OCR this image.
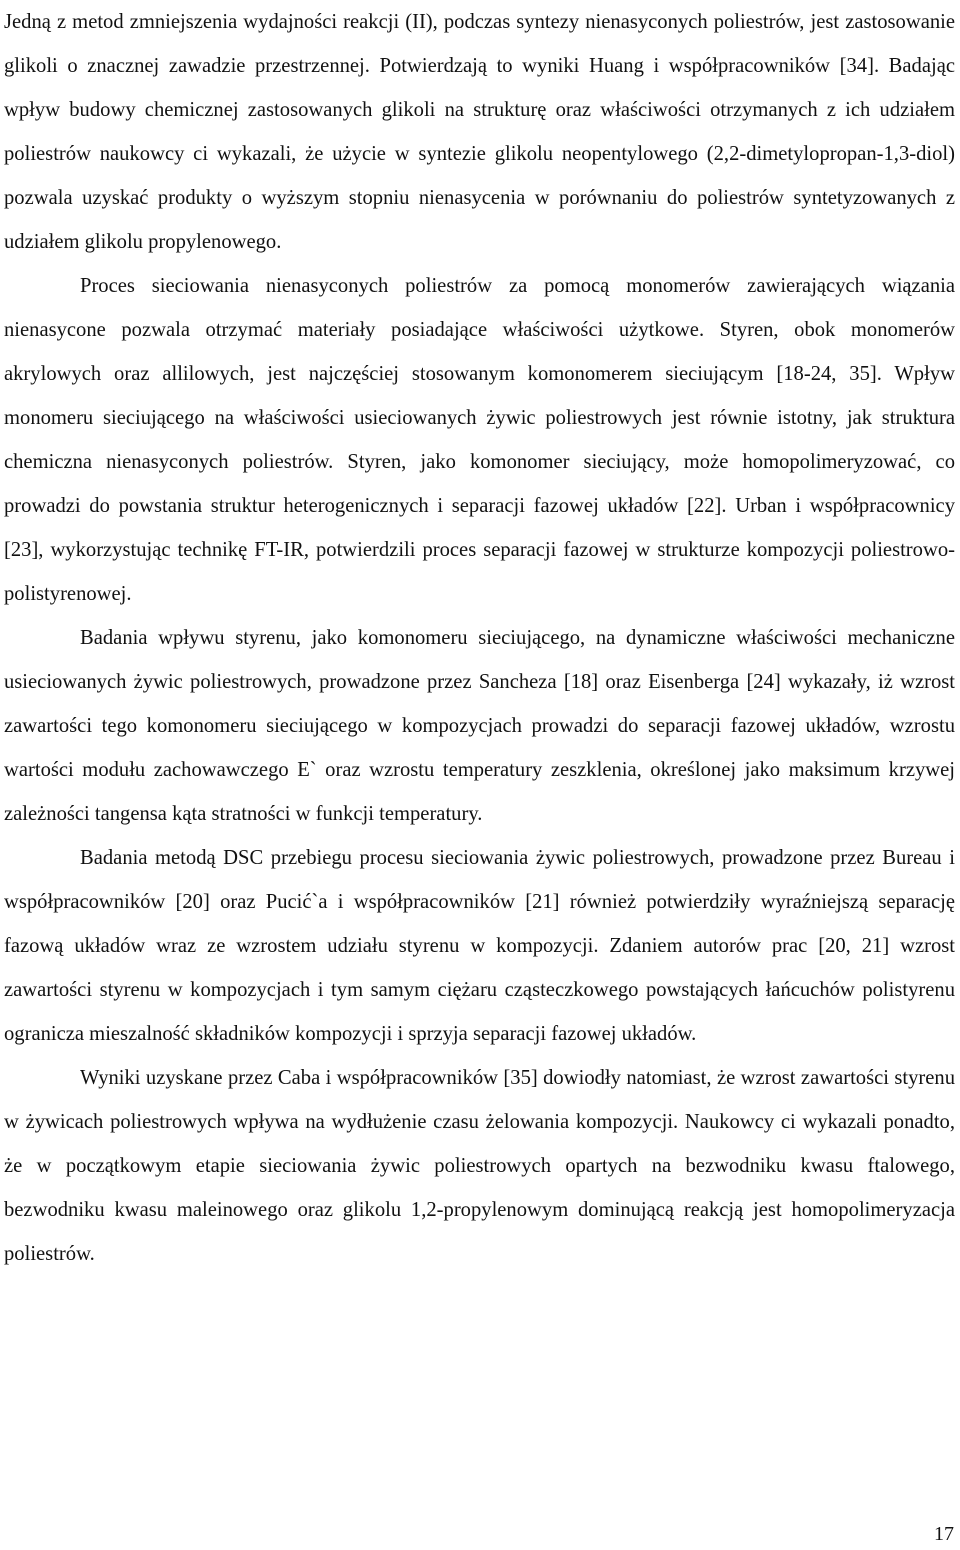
Jedną z metod zmniejszenia wydajności reakcji (II), podczas syntezy nienasyconych poliestrów, jest zastosowanie glikoli o znacznej zawadzie przestrzennej. Potwierdzają to wyniki Huang i współpracowników [34]. Badając wpływ budowy chemicznej zastosowanych glikoli na strukturę oraz właściwości otrzymanych z ich udziałem poliestrów naukowcy ci wykazali, że użycie w syntezie glikolu neopentylowego (2,2-dimetylopropan-1,3-diol) pozwala uzyskać produkty o wyższym stopniu nienasycenia w porównaniu do poliestrów syntetyzowanych z udziałem glikolu propylenowego.

Proces sieciowania nienasyconych poliestrów za pomocą monomerów zawierających wiązania nienasycone pozwala otrzymać materiały posiadające właściwości użytkowe. Styren, obok monomerów akrylowych oraz allilowych, jest najczęściej stosowanym komonomerem sieciującym [18-24, 35]. Wpływ monomeru sieciującego na właściwości usieciowanych żywic poliestrowych jest równie istotny, jak struktura chemiczna nienasyconych poliestrów. Styren, jako komonomer sieciujący, może homopolimeryzować, co prowadzi do powstania struktur heterogenicznych i separacji fazowej układów [22]. Urban i współpracownicy [23], wykorzystując technikę FT-IR, potwierdzili proces separacji fazowej w strukturze kompozycji poliestrowo-polistyrenowej.

Badania wpływu styrenu, jako komonomeru sieciującego, na dynamiczne właściwości mechaniczne usieciowanych żywic poliestrowych, prowadzone przez Sancheza [18] oraz Eisenberga [24] wykazały, iż wzrost zawartości tego komonomeru sieciującego w kompozycjach prowadzi do separacji fazowej układów, wzrostu wartości modułu zachowawczego E` oraz wzrostu temperatury zeszklenia, określonej jako maksimum krzywej zależności tangensa kąta stratności w funkcji temperatury.

Badania metodą DSC przebiegu procesu sieciowania żywic poliestrowych, prowadzone przez Bureau i współpracowników [20] oraz Pucić`a i współpracowników [21] również potwierdziły wyraźniejszą separację fazową układów wraz ze wzrostem udziału styrenu w kompozycji. Zdaniem autorów prac [20, 21] wzrost zawartości styrenu w kompozycjach i tym samym ciężaru cząsteczkowego powstających łańcuchów polistyrenu ogranicza mieszalność składników kompozycji i sprzyja separacji fazowej układów.

Wyniki uzyskane przez Caba i współpracowników [35] dowiodły natomiast, że wzrost zawartości styrenu w żywicach poliestrowych wpływa na wydłużenie czasu żelowania kompozycji. Naukowcy ci wykazali ponadto, że w początkowym etapie sieciowania żywic poliestrowych opartych na bezwodniku kwasu ftalowego, bezwodniku kwasu maleinowego oraz glikolu 1,2-propylenowym dominującą reakcją jest homopolimeryzacja poliestrów.

17
